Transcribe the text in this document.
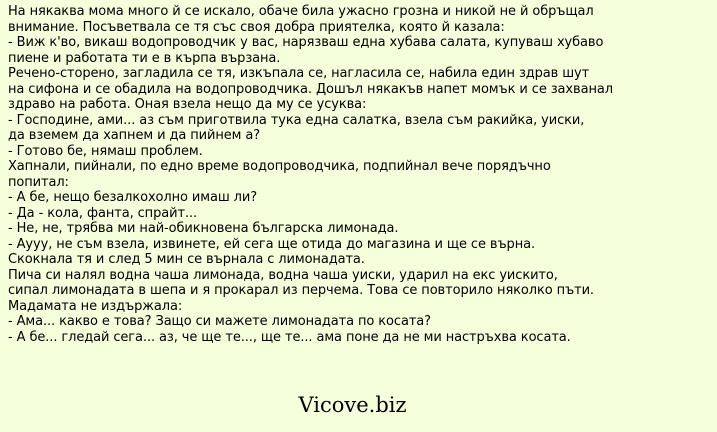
На някаква мома много й се искало, обаче била ужасно грозна и никой не й обръщал
внимание. Посъветвала се тя със своя добра приятелка, която й казала:
- Виж к'во, викаш водопроводчик у вас, нарязваш една хубава салата, купуваш хубаво
пиене и работата ти е в кърпа вързана.
Речено-сторено, загладила се тя, изкъпала се, нагласила се, набила един здрав шут
на сифона и се обадила на водопроводчика. Дошъл някакъв напет момък и се захванал
здраво на работа. Оная взела нещо да му се усуква:
- Господине, ами... аз съм приготвила тука една салатка, взела съм ракийка, уиски,
да вземем да хапнем и да пийнем а?
- Готово бе, нямаш проблем.
Хапнали, пийнали, по едно време водопроводчика, подпийнал вече порядъчно
попитал:
- А бе, нещо безалкохолно имаш ли?
- Да - кола, фанта, спрайт...
- Не, не, трябва ми най-обикновена българска лимонада.
- Аууу, не съм взела, извинете, ей сега ще отида до магазина и ще се върна.
Скокнала тя и след 5 мин се върнала с лимонадата.
Пича си налял водна чаша лимонада, водна чаша уиски, ударил на екс уискито,
сипал лимонадата в шепа и я прокарал из перчема. Това се повторило няколко пъти.
Мадамата не издържала:
- Ама... какво е това? Защо си мажете лимонадата по косата?
- А бе... гледай сега... аз, че ще те..., ще те... ама поне да не ми настръхва косата.

Vicove.biz
